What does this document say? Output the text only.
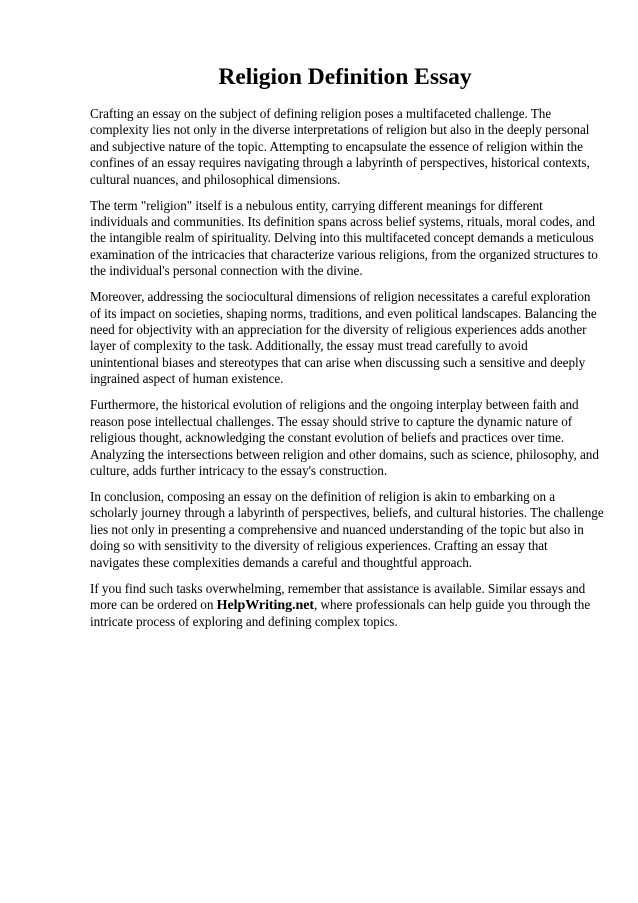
Religion Definition Essay

Crafting an essay on the subject of defining religion poses a multifaceted challenge. The
complexity lies not only in the diverse interpretations of religion but also in the deeply personal
and subjective nature of the topic. Attempting to encapsulate the essence of religion within the
confines of an essay requires navigating through a labyrinth of perspectives, historical contexts,
cultural nuances, and philosophical dimensions.

The term "religion" itself is a nebulous entity, carrying different meanings for different
individuals and communities. Its definition spans across belief systems, rituals, moral codes, and
the intangible realm of spirituality. Delving into this multifaceted concept demands a meticulous
examination of the intricacies that characterize various religions, from the organized structures to
the individual's personal connection with the divine.

Moreover, addressing the sociocultural dimensions of religion necessitates a careful exploration
of its impact on societies, shaping norms, traditions, and even political landscapes. Balancing the
need for objectivity with an appreciation for the diversity of religious experiences adds another
layer of complexity to the task. Additionally, the essay must tread carefully to avoid
unintentional biases and stereotypes that can arise when discussing such a sensitive and deeply
ingrained aspect of human existence.

Furthermore, the historical evolution of religions and the ongoing interplay between faith and
reason pose intellectual challenges. The essay should strive to capture the dynamic nature of
religious thought, acknowledging the constant evolution of beliefs and practices over time.
Analyzing the intersections between religion and other domains, such as science, philosophy, and
culture, adds further intricacy to the essay's construction.

In conclusion, composing an essay on the definition of religion is akin to embarking on a
scholarly journey through a labyrinth of perspectives, beliefs, and cultural histories. The challenge
lies not only in presenting a comprehensive and nuanced understanding of the topic but also in
doing so with sensitivity to the diversity of religious experiences. Crafting an essay that
navigates these complexities demands a careful and thoughtful approach.

If you find such tasks overwhelming, remember that assistance is available. Similar essays and
more can be ordered on HelpWriting.net, where professionals can help guide you through the
intricate process of exploring and defining complex topics.
